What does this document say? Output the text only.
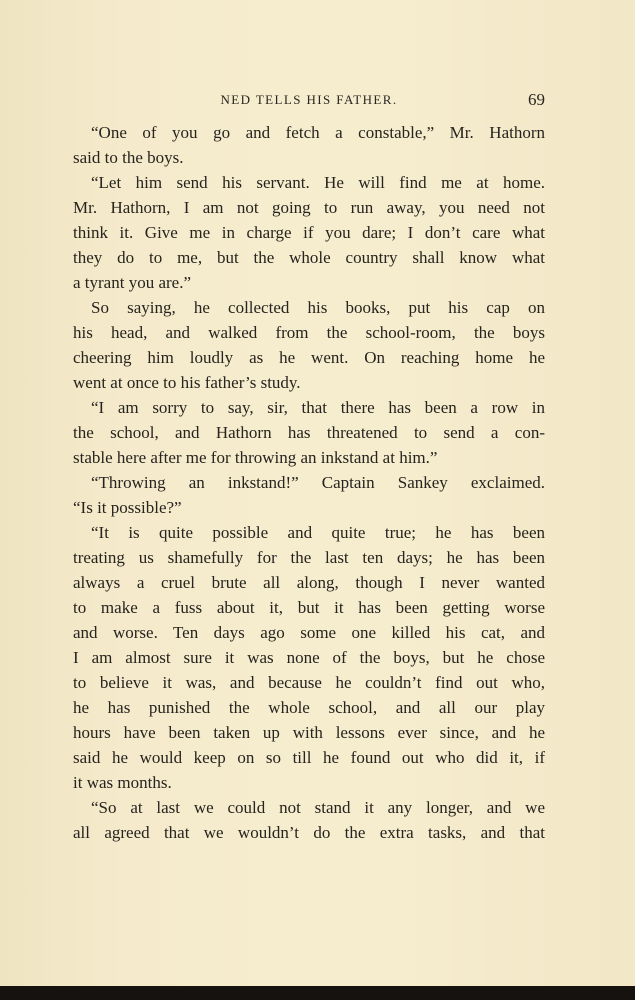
NED TELLS HIS FATHER.	69
“One of you go and fetch a constable,” Mr. Hathorn
said to the boys.
“Let him send his servant. He will find me at home.
Mr. Hathorn, I am not going to run away, you need not
think it. Give me in charge if you dare; I don’t care what
they do to me, but the whole country shall know what
a tyrant you are.”
So saying, he collected his books, put his cap on
his head, and walked from the school-room, the boys
cheering him loudly as he went. On reaching home he
went at once to his father’s study.
“I am sorry to say, sir, that there has been a row in
the school, and Hathorn has threatened to send a con-
stable here after me for throwing an inkstand at him.”
“Throwing an inkstand!” Captain Sankey exclaimed.
“Is it possible?”
“It is quite possible and quite true; he has been
treating us shamefully for the last ten days; he has been
always a cruel brute all along, though I never wanted
to make a fuss about it, but it has been getting worse
and worse. Ten days ago some one killed his cat, and
I am almost sure it was none of the boys, but he chose
to believe it was, and because he couldn’t find out who,
he has punished the whole school, and all our play
hours have been taken up with lessons ever since, and he
said he would keep on so till he found out who did it, if
it was months.
“So at last we could not stand it any longer, and we
all agreed that we wouldn’t do the extra tasks, and that
